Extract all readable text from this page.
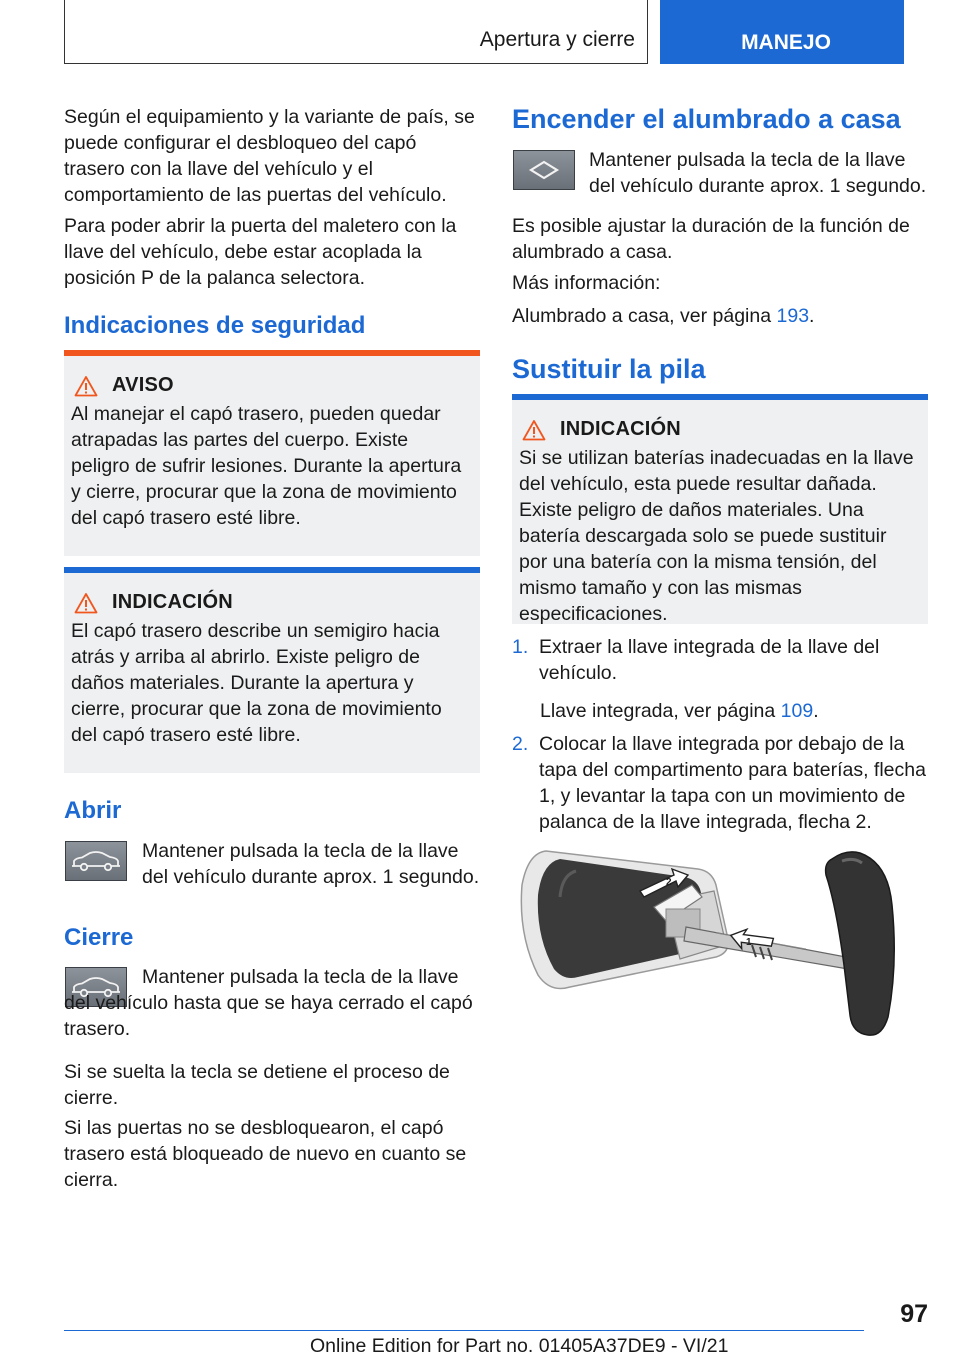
Apertura y cierre	MANEJO

Según el equipamiento y la variante de país, se puede configurar el desbloqueo del capó trasero con la llave del vehículo y el comportamiento de las puertas del vehículo.

Para poder abrir la puerta del maletero con la llave del vehículo, debe estar acoplada la posición P de la palanca selectora.

Indicaciones de seguridad
AVISO

Al manejar el capó trasero, pueden quedar atrapadas las partes del cuerpo. Existe peligro de sufrir lesiones. Durante la apertura y cierre, procurar que la zona de movimiento del capó trasero esté libre.

INDICACIÓN

El capó trasero describe un semigiro hacia atrás y arriba al abrirlo. Existe peligro de daños materiales. Durante la apertura y cierre, procurar que la zona de movimiento del capó trasero esté libre.

Abrir

Mantener pulsada la tecla de la llave del vehículo durante aprox. 1 segundo.

Cierre

Mantener pulsada la tecla de la llave del vehículo hasta que se haya cerrado el capó trasero.

Si se suelta la tecla se detiene el proceso de cierre.

Si las puertas no se desbloquearon, el capó trasero está bloqueado de nuevo en cuanto se cierra.

Encender el alumbrado a casa

Mantener pulsada la tecla de la llave del vehículo durante aprox. 1 segundo.

Es posible ajustar la duración de la función de alumbrado a casa.

Más información:

Alumbrado a casa, ver página 193.

Sustituir la pila
INDICACIÓN

Si se utilizan baterías inadecuadas en la llave del vehículo, esta puede resultar dañada. Existe peligro de daños materiales. Una batería descargada solo se puede sustituir por una batería con la misma tensión, del mismo tamaño y con las mismas especificaciones.

1. Extraer la llave integrada de la llave del vehículo.

Llave integrada, ver página 109.

2. Colocar la llave integrada por debajo de la tapa del compartimento para baterías, flecha 1, y levantar la tapa con un movimiento de palanca de la llave integrada, flecha 2.
2
1
97
Online Edition for Part no. 01405A37DE9 - VI/21
